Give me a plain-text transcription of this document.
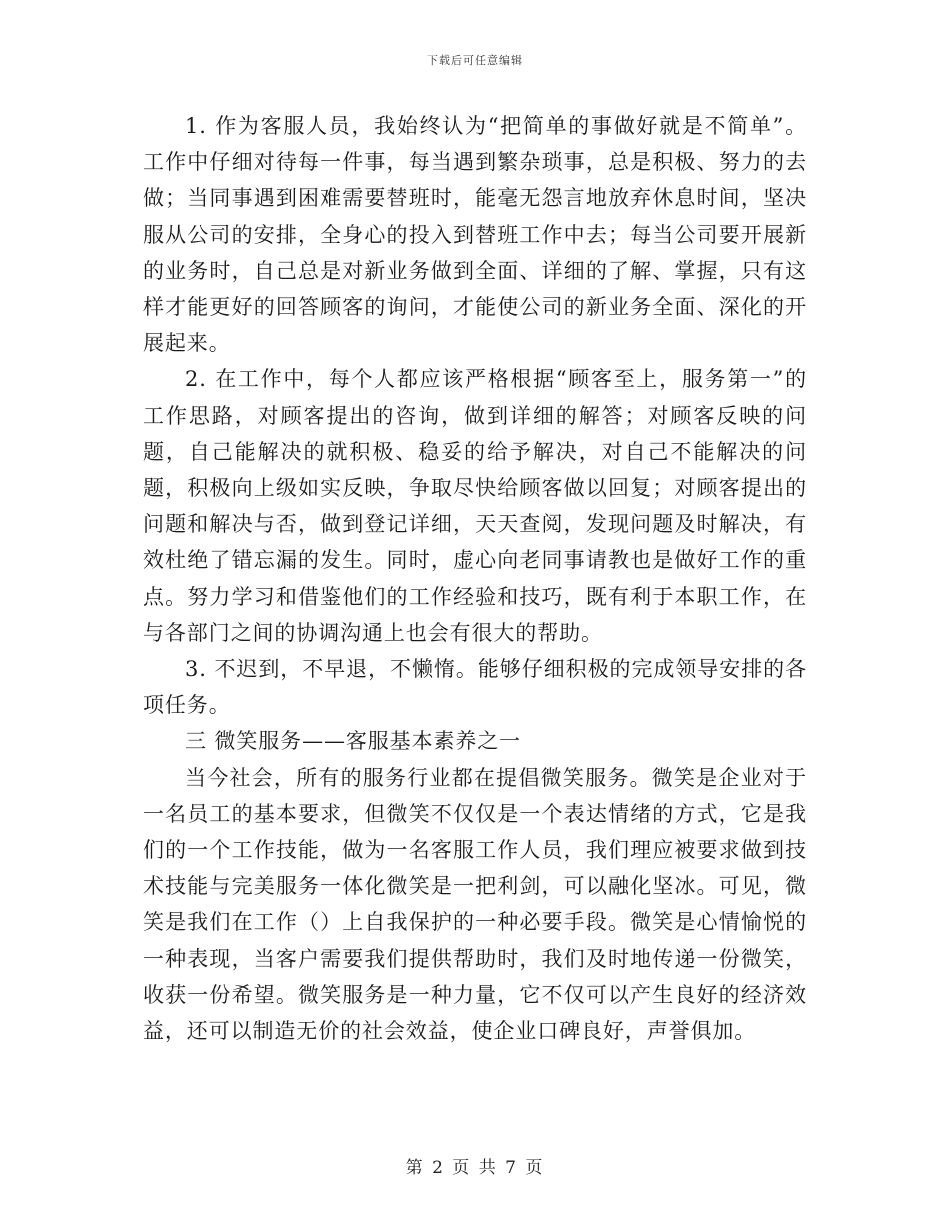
下载后可任意编辑

1. 作为客服人员，我始终认为“把简单的事做好就是不简单”。工作中仔细对待每一件事，每当遇到繁杂琐事，总是积极、努力的去做；当同事遇到困难需要替班时，能毫无怨言地放弃休息时间，坚决服从公司的安排，全身心的投入到替班工作中去；每当公司要开展新的业务时，自己总是对新业务做到全面、详细的了解、掌握，只有这样才能更好的回答顾客的询问，才能使公司的新业务全面、深化的开展起来。

2. 在工作中，每个人都应该严格根据“顾客至上，服务第一”的工作思路，对顾客提出的咨询，做到详细的解答；对顾客反映的问题，自己能解决的就积极、稳妥的给予解决，对自己不能解决的问题，积极向上级如实反映，争取尽快给顾客做以回复；对顾客提出的问题和解决与否，做到登记详细，天天查阅，发现问题及时解决，有效杜绝了错忘漏的发生。同时，虚心向老同事请教也是做好工作的重点。努力学习和借鉴他们的工作经验和技巧，既有利于本职工作，在与各部门之间的协调沟通上也会有很大的帮助。

3. 不迟到，不早退，不懒惰。能够仔细积极的完成领导安排的各项任务。

三 微笑服务——客服基本素养之一

当今社会，所有的服务行业都在提倡微笑服务。微笑是企业对于一名员工的基本要求，但微笑不仅仅是一个表达情绪的方式，它是我们的一个工作技能，做为一名客服工作人员，我们理应被要求做到技术技能与完美服务一体化微笑是一把利剑，可以融化坚冰。可见，微笑是我们在工作（）上自我保护的一种必要手段。微笑是心情愉悦的一种表现，当客户需要我们提供帮助时，我们及时地传递一份微笑，收获一份希望。微笑服务是一种力量，它不仅可以产生良好的经济效益，还可以制造无价的社会效益，使企业口碑良好，声誉俱加。

第 2 页 共 7 页
